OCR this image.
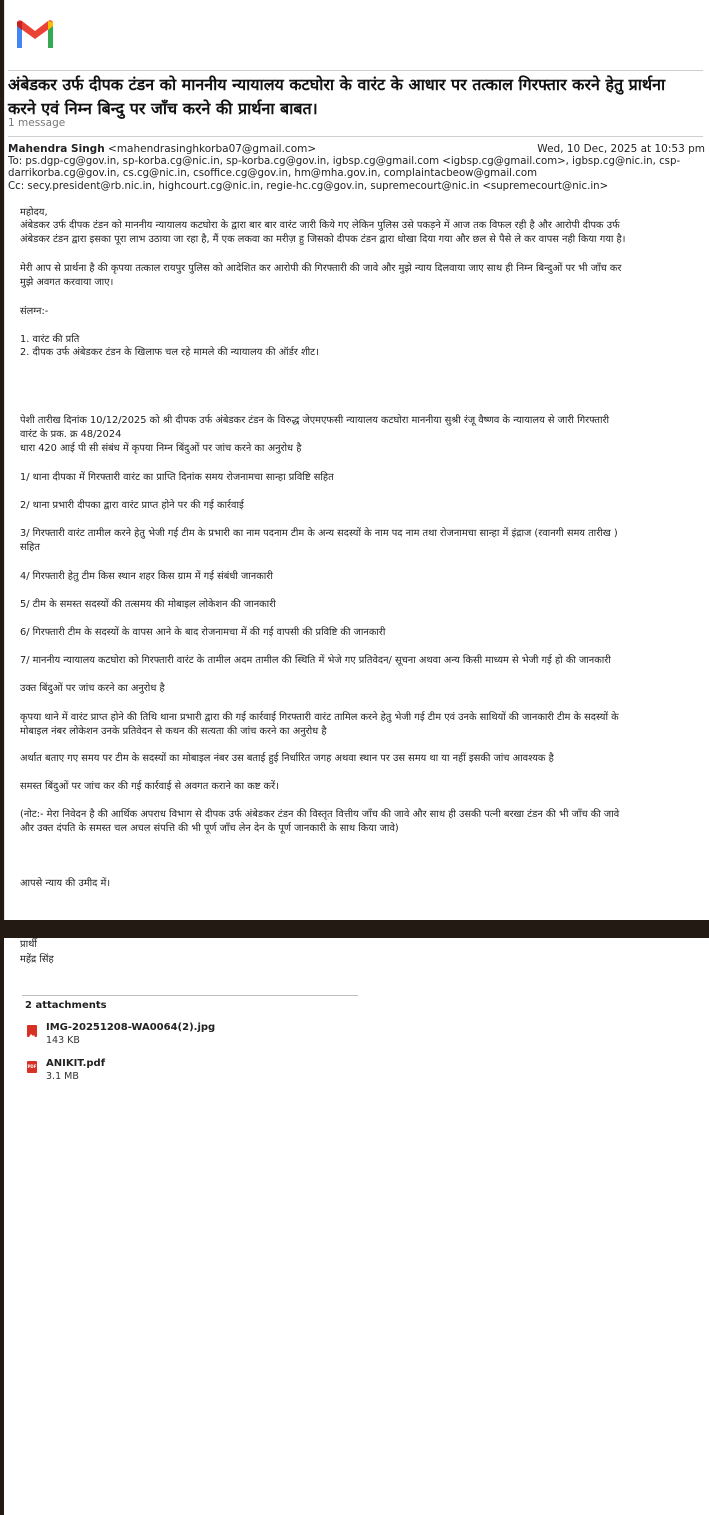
अंबेडकर उर्फ दीपक टंडन को माननीय न्यायालय कटघोरा के वारंट के आधार पर तत्काल गिरफ्तार करने हेतु प्रार्थना
करने एवं निम्न बिन्दु पर जाँच करने की प्रार्थना बाबत।
1 message
Mahendra Singh <mahendrasinghkorba07@gmail.com>	Wed, 10 Dec, 2025 at 10:53 pm
To: ps.dgp-cg@gov.in, sp-korba.cg@nic.in, sp-korba.cg@gov.in, igbsp.cg@gmail.com <igbsp.cg@gmail.com>, igbsp.cg@nic.in, csp-
darrikorba.cg@gov.in, cs.cg@nic.in, csoffice.cg@gov.in, hm@mha.gov.in, complaintacbeow@gmail.com
Cc: secy.president@rb.nic.in, highcourt.cg@nic.in, regie-hc.cg@gov.in, supremecourt@nic.in <supremecourt@nic.in>
महोदय,
अंबेडकर उर्फ दीपक टंडन को माननीय न्यायालय कटघोरा के द्वारा बार बार वारंट जारी किये गए लेकिन पुलिस उसे पकड़ने में आज तक विफल रही है और आरोपी दीपक उर्फ
अंबेडकर टंडन द्वारा इसका पूरा लाभ उठाया जा रहा है, मैं एक लकवा का मरीज़ हु जिसको दीपक टंडन द्वारा धोखा दिया गया और छल से पैसे ले कर वापस नही किया गया है।
मेरी आप से प्रार्थना है की कृपया तत्काल रायपुर पुलिस को आदेशित कर आरोपी की गिरफ्तारी की जावे और मुझे न्याय दिलवाया जाए साथ ही निम्न बिन्दुओं पर भी जाँच कर
मुझे अवगत करवाया जाए।
संलग्न:-
1. वारंट की प्रति
2. दीपक उर्फ अंबेडकर टंडन के खिलाफ चल रहे मामले की न्यायालय की ऑर्डर शीट।
पेशी तारीख दिनांक 10/12/2025 को श्री दीपक उर्फ अंबेडकर टंडन के विरुद्ध जेएमएफसी न्यायालय कटघोरा माननीया सुश्री रंजू वैष्णव के न्यायालय से जारी गिरफ्तारी
वारंट के प्रक. क्र 48/2024
धारा 420 आई पी सी संबंध में कृपया निम्न बिंदुओं पर जांच करने का अनुरोध है
1/ थाना दीपका में गिरफ्तारी वारंट का प्राप्ति दिनांक समय रोजनामचा सान्हा प्रविष्टि सहित
2/ थाना प्रभारी दीपका द्वारा वारंट प्राप्त होने पर की गई कार्रवाई
3/ गिरफ्तारी वारंट तामील करने हेतु भेजी गई टीम के प्रभारी का नाम पदनाम टीम के अन्य सदस्यों के नाम पद नाम तथा रोजनामचा सान्हा में इंद्राज (रवानगी समय तारीख )
सहित
4/ गिरफ्तारी हेतु टीम किस स्थान शहर किस ग्राम में गई संबंधी जानकारी
5/ टीम के समस्त सदस्यों की तत्समय की मोबाइल लोकेशन की जानकारी
6/ गिरफ्तारी टीम के सदस्यों के वापस आने के बाद रोजनामचा में की गई वापसी की प्रविष्टि की जानकारी
7/ माननीय न्यायालय कटघोरा को गिरफ्तारी वारंट के तामील अदम तामील की स्थिति में भेजे गए प्रतिवेदन/ सूचना अथवा अन्य किसी माध्यम से भेजी गई हो की जानकारी
उक्त बिंदुओं पर जांच करने का अनुरोध है
कृपया थाने में वारंट प्राप्त होने की तिथि थाना प्रभारी द्वारा की गई कार्रवाई गिरफ्तारी वारंट तामिल करने हेतु भेजी गई टीम एवं उनके साथियों की जानकारी टीम के सदस्यों के
मोबाइल नंबर लोकेशन उनके प्रतिवेदन से कथन की सत्यता की जांच करने का अनुरोध है
अर्थात बताए गए समय पर टीम के सदस्यों का मोबाइल नंबर उस बताई हुई निर्धारित जगह अथवा स्थान पर उस समय था या नहीं इसकी जांच आवश्यक है
समस्त बिंदुओं पर जांच कर की गई कार्रवाई से अवगत कराने का कष्ट करें।
(नोट:- मेरा निवेदन है की आर्थिक अपराध विभाग से दीपक उर्फ अंबेडकर टंडन की विस्तृत वित्तीय जाँच की जावे और साथ ही उसकी पत्नी बरखा टंडन की भी जाँच की जावे
और उक्त दंपति के समस्त चल अचल संपत्ति की भी पूर्ण जाँच लेन देन के पूर्ण जानकारी के साथ किया जावे)
आपसे न्याय की उमीद में।
प्रार्थी
महेंद्र सिंह
2 attachments
IMG-20251208-WA0064(2).jpg
143 KB
PDF ANIKIT.pdf
3.1 MB
